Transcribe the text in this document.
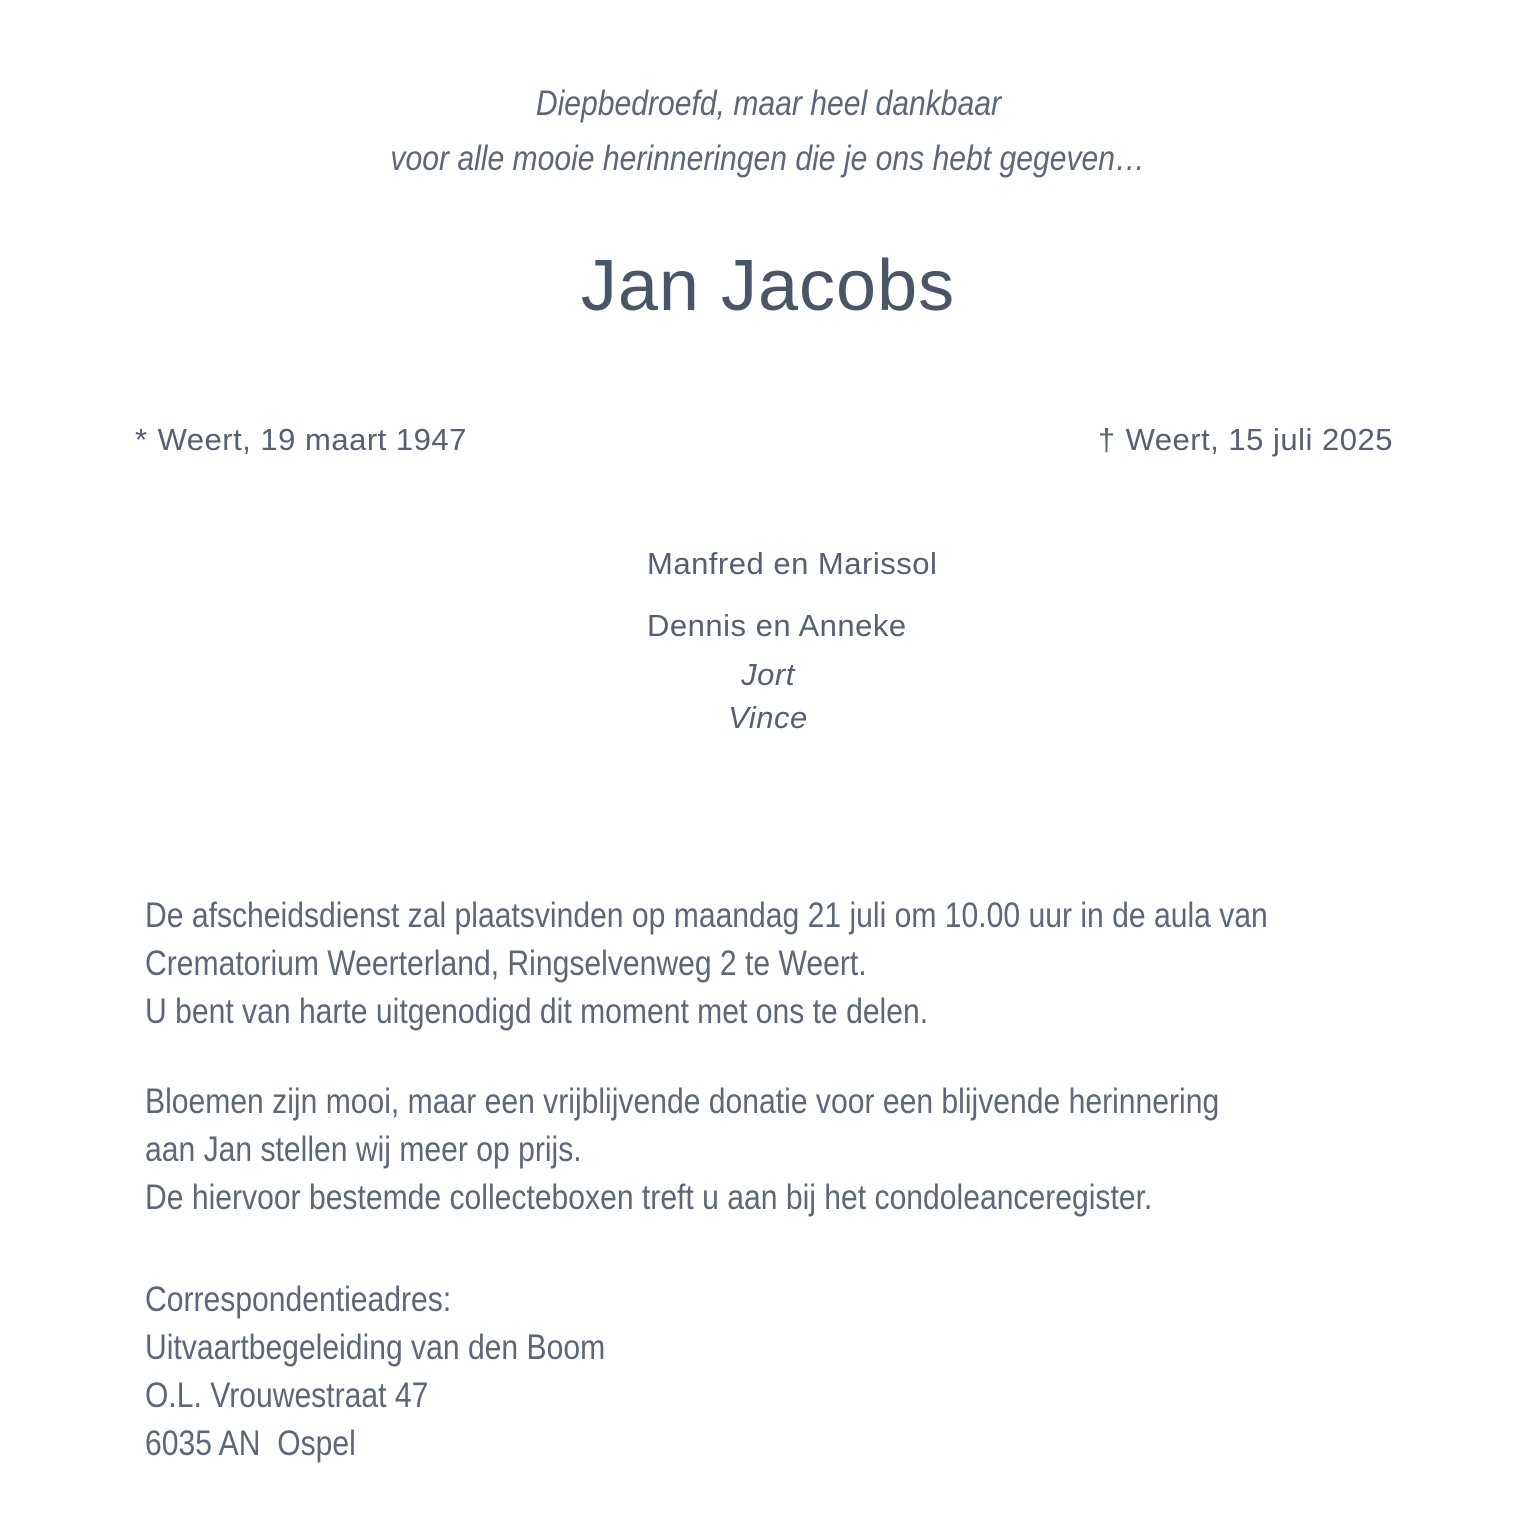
Diepbedroefd, maar heel dankbaar
voor alle mooie herinneringen die je ons hebt gegeven…
Jan Jacobs
* Weert, 19 maart 1947	† Weert, 15 juli 2025
Manfred en Marissol
Dennis en Anneke
Jort
Vince
De afscheidsdienst zal plaatsvinden op maandag 21 juli om 10.00 uur in de aula van
Crematorium Weerterland, Ringselvenweg 2 te Weert.
U bent van harte uitgenodigd dit moment met ons te delen.
Bloemen zijn mooi, maar een vrijblijvende donatie voor een blijvende herinnering
aan Jan stellen wij meer op prijs.
De hiervoor bestemde collecteboxen treft u aan bij het condoleanceregister.
Correspondentieadres:
Uitvaartbegeleiding van den Boom
O.L. Vrouwestraat 47
6035 AN  Ospel
